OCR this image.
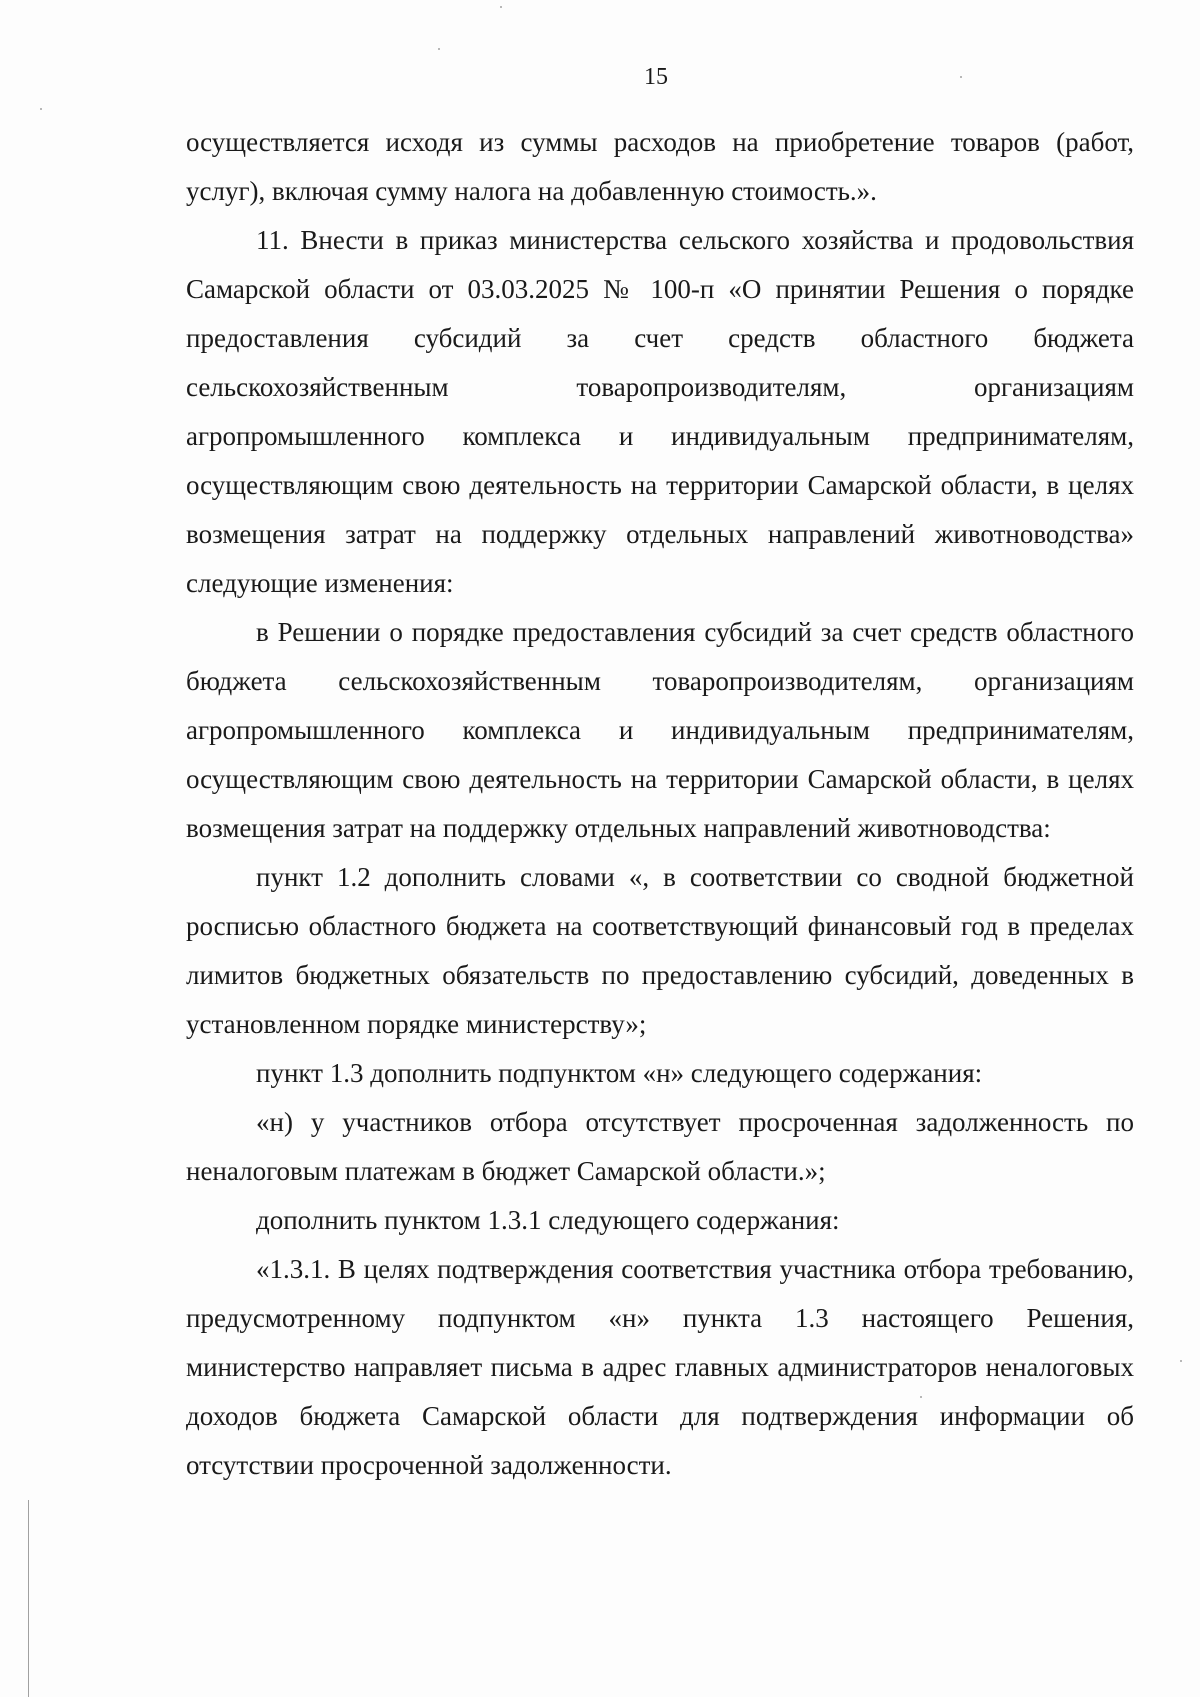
15

осуществляется исходя из суммы расходов на приобретение товаров (работ, услуг), включая сумму налога на добавленную стоимость.».

11. Внести в приказ министерства сельского хозяйства и продовольствия Самарской области от 03.03.2025 № 100-п «О принятии Решения о порядке предоставления субсидий за счет средств областного бюджета сельскохозяйственным товаропроизводителям, организациям агропромышленного комплекса и индивидуальным предпринимателям, осуществляющим свою деятельность на территории Самарской области, в целях возмещения затрат на поддержку отдельных направлений животноводства» следующие изменения:

в Решении о порядке предоставления субсидий за счет средств областного бюджета сельскохозяйственным товаропроизводителям, организациям агропромышленного комплекса и индивидуальным предпринимателям, осуществляющим свою деятельность на территории Самарской области, в целях возмещения затрат на поддержку отдельных направлений животноводства:

пункт 1.2 дополнить словами «, в соответствии со сводной бюджетной росписью областного бюджета на соответствующий финансовый год в пределах лимитов бюджетных обязательств по предоставлению субсидий, доведенных в установленном порядке министерству»;

пункт 1.3 дополнить подпунктом «н» следующего содержания:

«н) у участников отбора отсутствует просроченная задолженность по неналоговым платежам в бюджет Самарской области.»;

дополнить пунктом 1.3.1 следующего содержания:

«1.3.1. В целях подтверждения соответствия участника отбора требованию, предусмотренному подпунктом «н» пункта 1.3 настоящего Решения, министерство направляет письма в адрес главных администраторов неналоговых доходов бюджета Самарской области для подтверждения информации об отсутствии просроченной задолженности.
